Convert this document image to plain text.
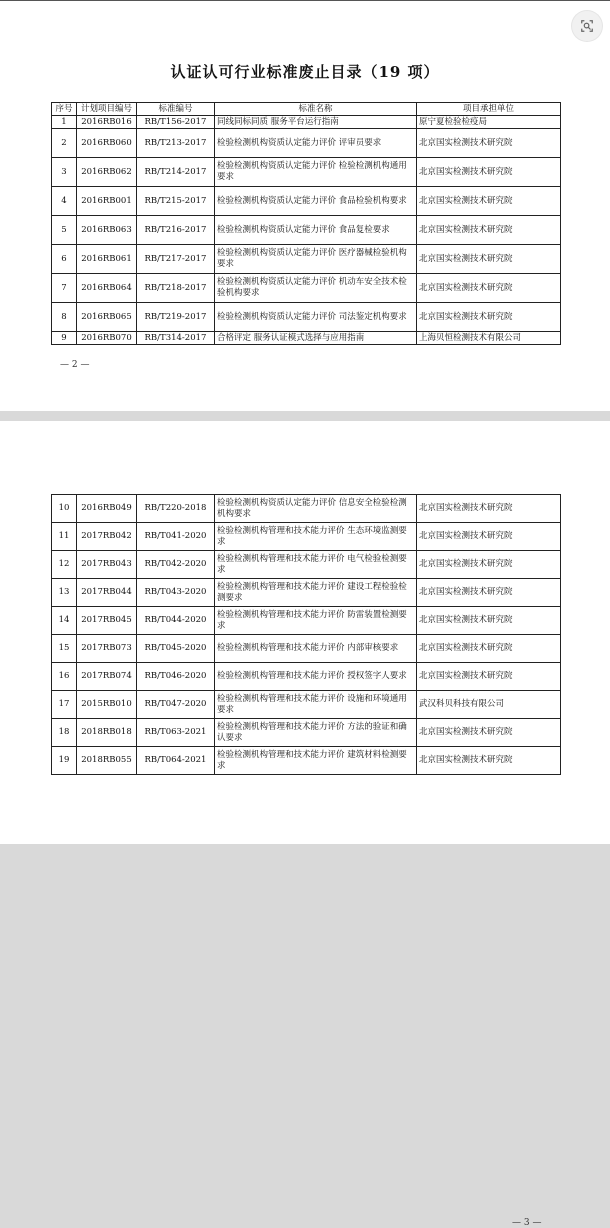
认证认可行业标准废止目录（19 项）
序号	计划项目编号	标准编号	标准名称	项目承担单位
1	2016RB016	RB/T156-2017	同线同标同质 服务平台运行指南	原宁夏检验检疫局
2	2016RB060	RB/T213-2017	检验检测机构资质认定能力评价 评审员要求	北京国实检测技术研究院
3	2016RB062	RB/T214-2017	检验检测机构资质认定能力评价 检验检测机构通用要求	北京国实检测技术研究院
4	2016RB001	RB/T215-2017	检验检测机构资质认定能力评价 食品检验机构要求	北京国实检测技术研究院
5	2016RB063	RB/T216-2017	检验检测机构资质认定能力评价 食品复检要求	北京国实检测技术研究院
6	2016RB061	RB/T217-2017	检验检测机构资质认定能力评价 医疗器械检验机构要求	北京国实检测技术研究院
7	2016RB064	RB/T218-2017	检验检测机构资质认定能力评价 机动车安全技术检验机构要求	北京国实检测技术研究院
8	2016RB065	RB/T219-2017	检验检测机构资质认定能力评价 司法鉴定机构要求	北京国实检测技术研究院
9	2016RB070	RB/T314-2017	合格评定 服务认证模式选择与应用指南	上海贝恒检测技术有限公司
— 2 —
10	2016RB049	RB/T220-2018	检验检测机构资质认定能力评价 信息安全检验检测机构要求	北京国实检测技术研究院
11	2017RB042	RB/T041-2020	检验检测机构管理和技术能力评价 生态环境监测要求	北京国实检测技术研究院
12	2017RB043	RB/T042-2020	检验检测机构管理和技术能力评价 电气检验检测要求	北京国实检测技术研究院
13	2017RB044	RB/T043-2020	检验检测机构管理和技术能力评价 建设工程检验检测要求	北京国实检测技术研究院
14	2017RB045	RB/T044-2020	检验检测机构管理和技术能力评价 防雷装置检测要求	北京国实检测技术研究院
15	2017RB073	RB/T045-2020	检验检测机构管理和技术能力评价 内部审核要求	北京国实检测技术研究院
16	2017RB074	RB/T046-2020	检验检测机构管理和技术能力评价 授权签字人要求	北京国实检测技术研究院
17	2015RB010	RB/T047-2020	检验检测机构管理和技术能力评价 设施和环境通用要求	武汉科贝科技有限公司
18	2018RB018	RB/T063-2021	检验检测机构管理和技术能力评价 方法的验证和确认要求	北京国实检测技术研究院
19	2018RB055	RB/T064-2021	检验检测机构管理和技术能力评价 建筑材料检测要求	北京国实检测技术研究院
— 3 —
